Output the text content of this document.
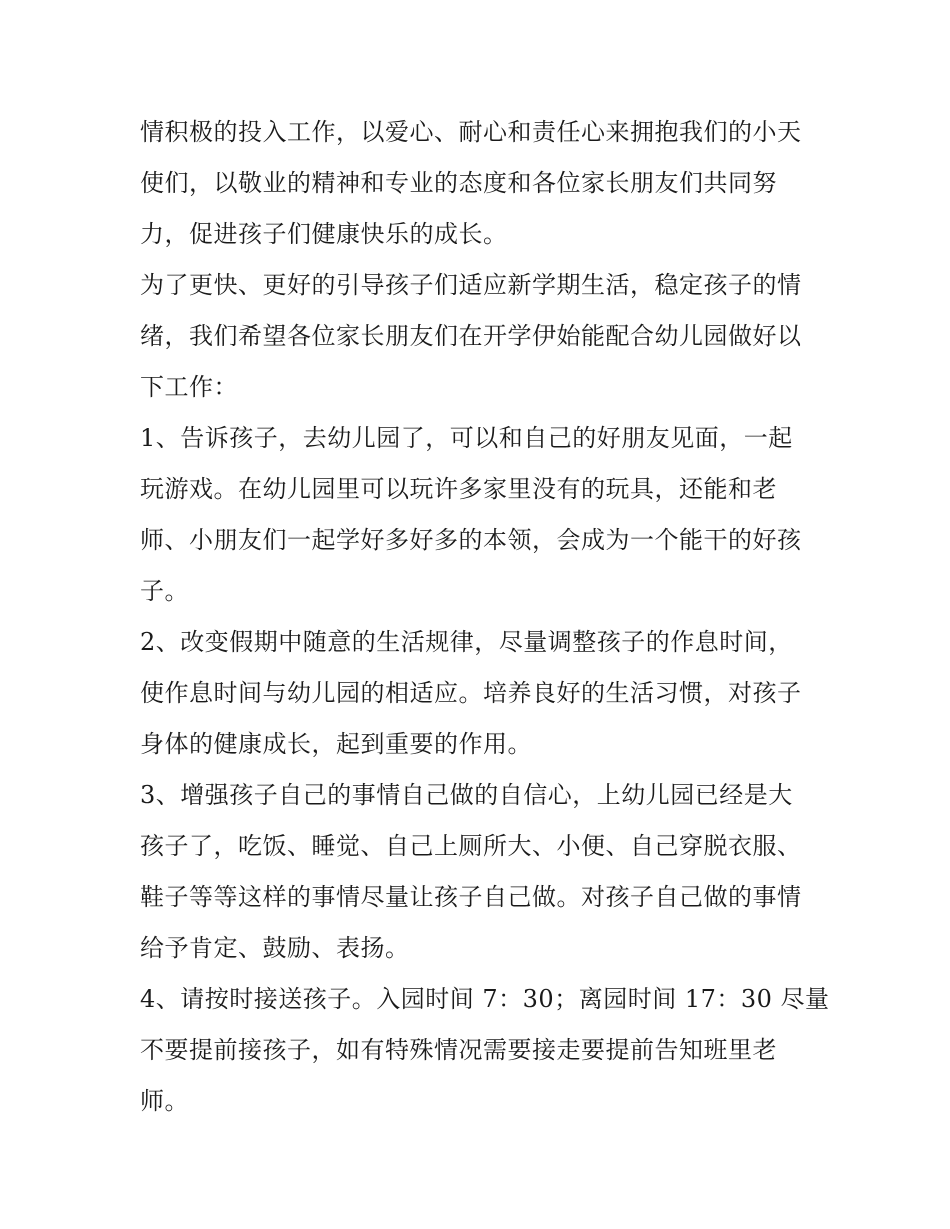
情积极的投入工作，以爱心、耐心和责任心来拥抱我们的小天
使们，以敬业的精神和专业的态度和各位家长朋友们共同努
力，促进孩子们健康快乐的成长。
为了更快、更好的引导孩子们适应新学期生活，稳定孩子的情
绪，我们希望各位家长朋友们在开学伊始能配合幼儿园做好以
下工作：
1、告诉孩子，去幼儿园了，可以和自己的好朋友见面，一起
玩游戏。在幼儿园里可以玩许多家里没有的玩具，还能和老
师、小朋友们一起学好多好多的本领，会成为一个能干的好孩
子。
2、改变假期中随意的生活规律，尽量调整孩子的作息时间，
使作息时间与幼儿园的相适应。培养良好的生活习惯，对孩子
身体的健康成长，起到重要的作用。
3、增强孩子自己的事情自己做的自信心，上幼儿园已经是大
孩子了，吃饭、睡觉、自己上厕所大、小便、自己穿脱衣服、
鞋子等等这样的事情尽量让孩子自己做。对孩子自己做的事情
给予肯定、鼓励、表扬。
4、请按时接送孩子。入园时间 7：30；离园时间 17：30 尽量
不要提前接孩子，如有特殊情况需要接走要提前告知班里老
师。
